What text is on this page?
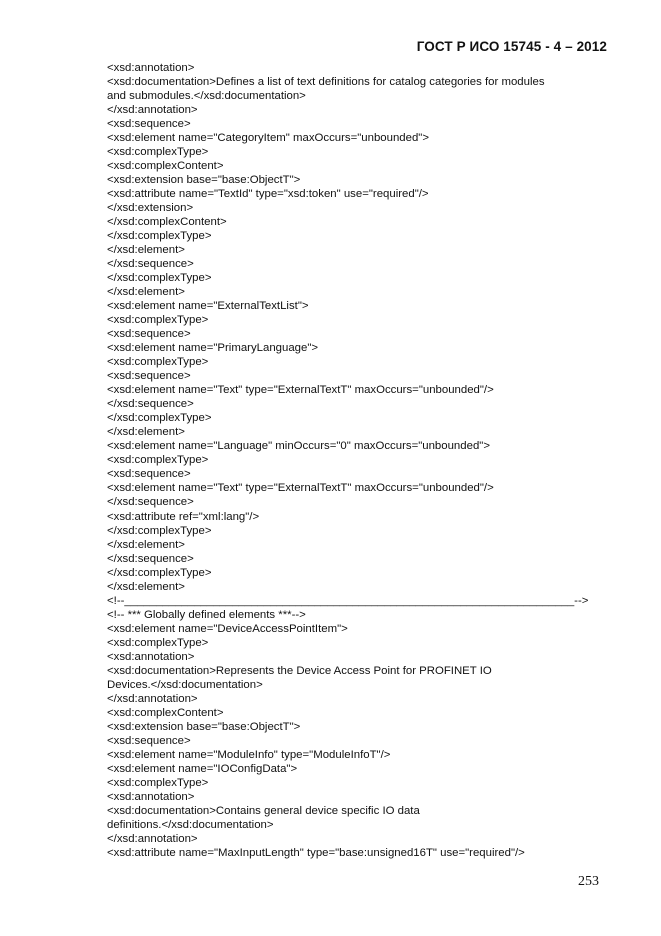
ГОСТ Р ИСО 15745 - 4 – 2012
<xsd:annotation>
<xsd:documentation>Defines a list of text definitions for catalog categories for modules
and submodules.</xsd:documentation>
</xsd:annotation>
<xsd:sequence>
<xsd:element name="CategoryItem" maxOccurs="unbounded">
<xsd:complexType>
<xsd:complexContent>
<xsd:extension base="base:ObjectT">
<xsd:attribute name="TextId" type="xsd:token" use="required"/>
</xsd:extension>
</xsd:complexContent>
</xsd:complexType>
</xsd:element>
</xsd:sequence>
</xsd:complexType>
</xsd:element>
<xsd:element name="ExternalTextList">
<xsd:complexType>
<xsd:sequence>
<xsd:element name="PrimaryLanguage">
<xsd:complexType>
<xsd:sequence>
<xsd:element name="Text" type="ExternalTextT" maxOccurs="unbounded"/>
</xsd:sequence>
</xsd:complexType>
</xsd:element>
<xsd:element name="Language" minOccurs="0" maxOccurs="unbounded">
<xsd:complexType>
<xsd:sequence>
<xsd:element name="Text" type="ExternalTextT" maxOccurs="unbounded"/>
</xsd:sequence>
<xsd:attribute ref="xml:lang"/>
</xsd:complexType>
</xsd:element>
</xsd:sequence>
</xsd:complexType>
</xsd:element>
<!--_______________________________________________________________________-->
<!-- *** Globally defined elements ***-->
<xsd:element name="DeviceAccessPointItem">
<xsd:complexType>
<xsd:annotation>
<xsd:documentation>Represents the Device Access Point for PROFINET IO
Devices.</xsd:documentation>
</xsd:annotation>
<xsd:complexContent>
<xsd:extension base="base:ObjectT">
<xsd:sequence>
<xsd:element name="ModuleInfo" type="ModuleInfoT"/>
<xsd:element name="IOConfigData">
<xsd:complexType>
<xsd:annotation>
<xsd:documentation>Contains general device specific IO data
definitions.</xsd:documentation>
</xsd:annotation>
<xsd:attribute name="MaxInputLength" type="base:unsigned16T" use="required"/>
253
